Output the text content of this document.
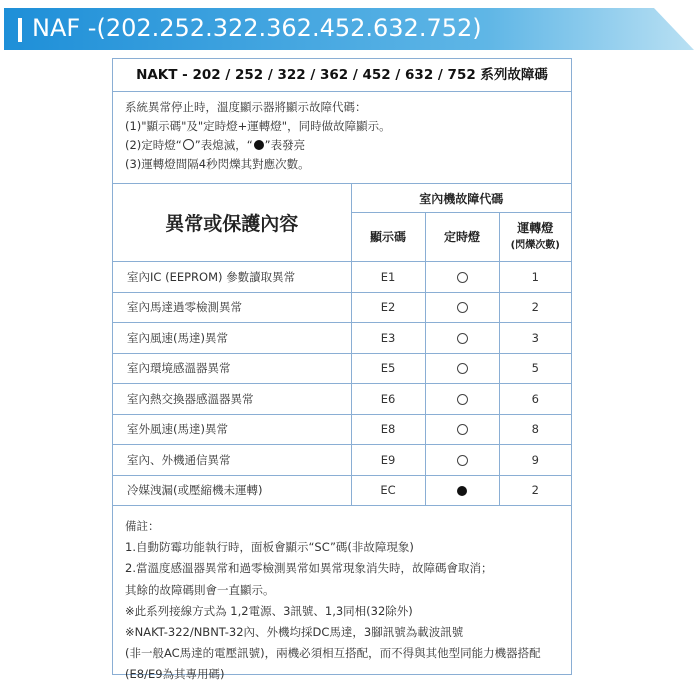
NAF -(202.252.322.362.452.632.752)
NAKT - 202 / 252 / 322 / 362 / 452 / 632 / 752 系列故障碼
系統異常停止時，溫度顯示器將顯示故障代碼：
(1)"顯示碼"及"定時燈+運轉燈"，同時做故障顯示。
(2)定時燈“ ”表熄滅，“ ”表發亮
(3)運轉燈間隔4秒閃爍其對應次數。
異常或保護內容	室內機故障代碼		
	顯示碼	定時燈	運轉燈
(閃爍次數)

室內IC (EEPROM) 參數讀取異常	E1		1
室內馬達過零檢測異常	E2		2
室內風速(馬達)異常	E3		3
室內環境感溫器異常	E5		5
室內熱交換器感溫器異常	E6		6
室外風速(馬達)異常	E8		8
室內、外機通信異常	E9		9
冷媒洩漏(或壓縮機未運轉)	EC		2
備註：
1.自動防霉功能執行時，面板會顯示“SC”碼(非故障現象)
2.當溫度感溫器異常和過零檢測異常如異常現象消失時，故障碼會取消；
其餘的故障碼則會一直顯示。
※此系列接線方式為 1,2電源、3訊號、1,3同相(32除外)
※NAKT-322/NBNT-32內、外機均採DC馬達，3腳訊號為載波訊號
(非一般AC馬達的電壓訊號)，兩機必須相互搭配，而不得與其他型同能力機器搭配
(E8/E9為其專用碼)
